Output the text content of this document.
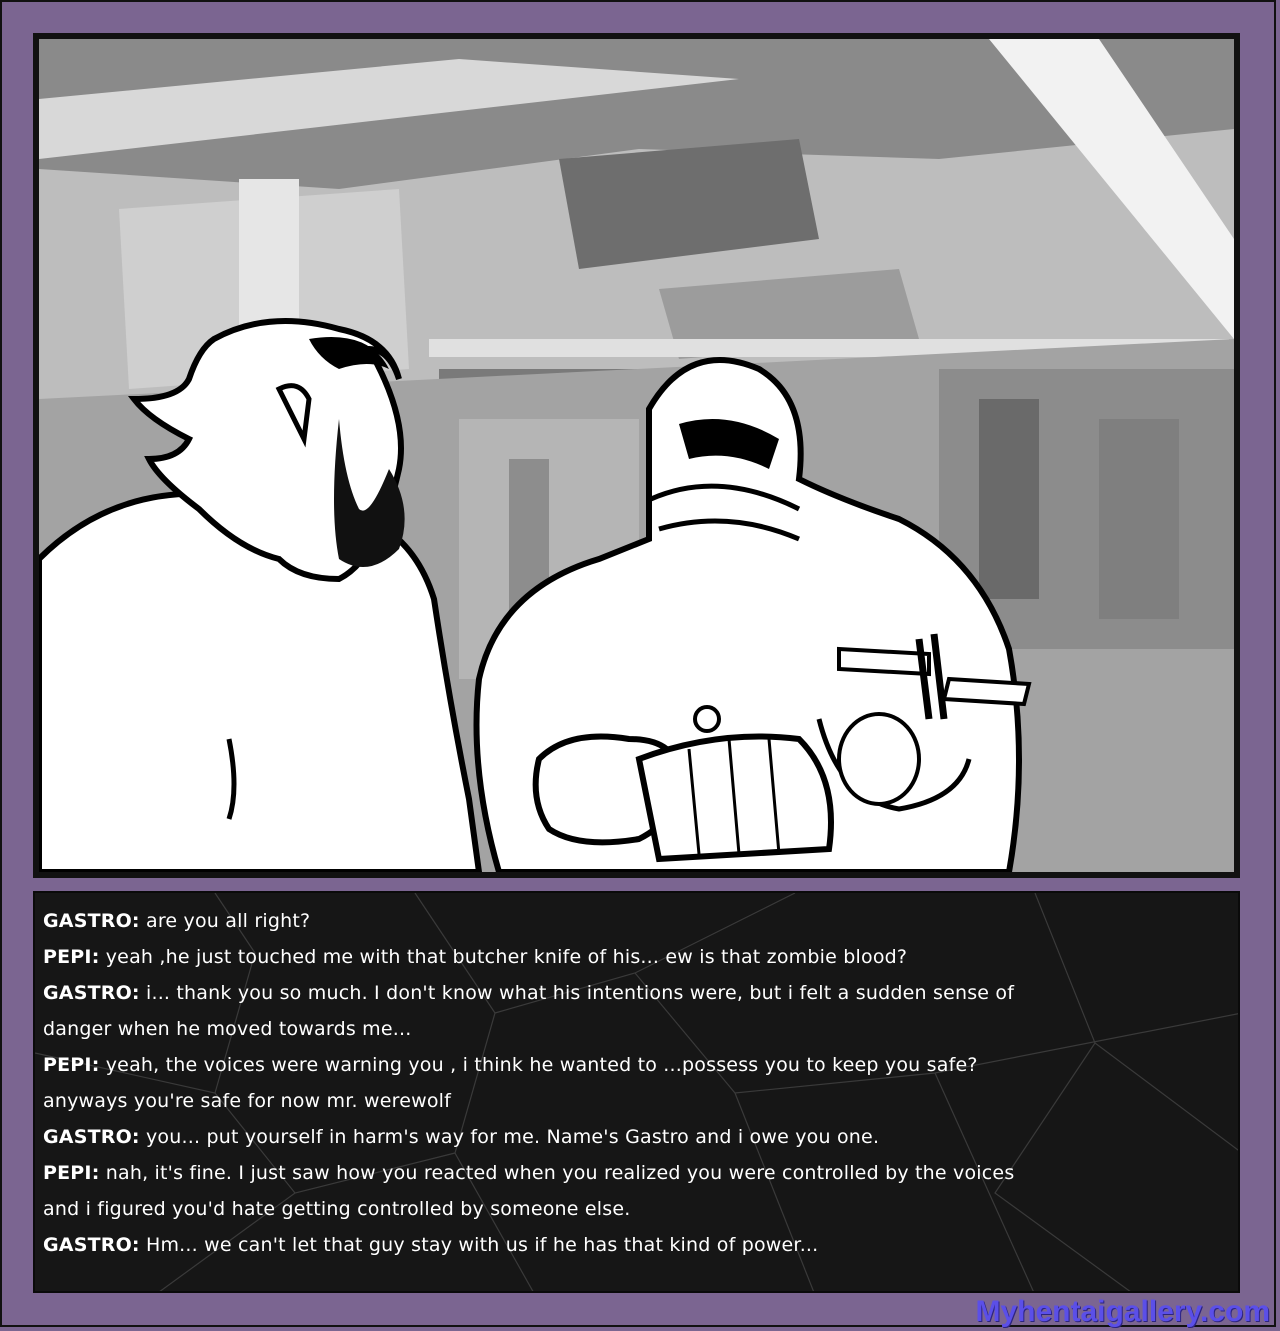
GASTRO: are you all right?
PEPI: yeah ,he just touched me with that butcher knife of his... ew is that zombie blood?
GASTRO: i... thank you so much. I don't know what his intentions were, but i felt a sudden sense of
danger when he moved towards me...
PEPI: yeah, the voices were warning you , i think he wanted to ...possess you to keep you safe?
anyways you're safe for now mr. werewolf
GASTRO: you... put yourself in harm's way for me. Name's Gastro and i owe you one.
PEPI: nah, it's fine. I just saw how you reacted when you realized you were controlled by the voices
and i figured you'd hate getting controlled by someone else.
GASTRO: Hm... we can't let that guy stay with us if he has that kind of power...
Myhentaigallery.com
